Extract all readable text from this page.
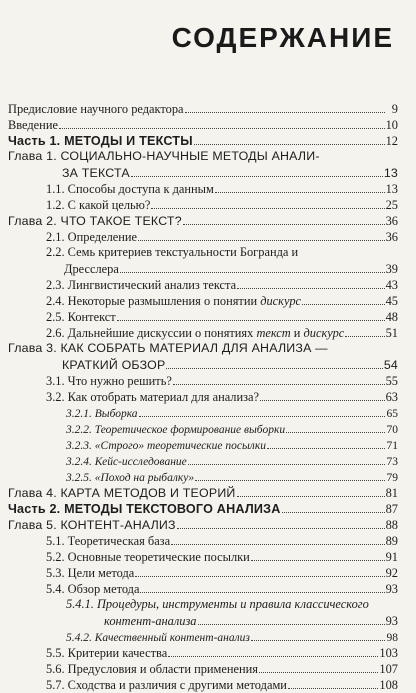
СОДЕРЖАНИЕ
Предисловие научного редактора	9
Введение	10
Часть 1. МЕТОДЫ И ТЕКСТЫ	12
Глава 1. СОЦИАЛЬНО-НАУЧНЫЕ МЕТОДЫ АНАЛИ-
ЗА ТЕКСТА	13
1.1. Способы доступа к данным	13
1.2. С какой целью?	25
Глава 2. ЧТО ТАКОЕ ТЕКСТ?	36
2.1. Определение	36
2.2. Семь критериев текстуальности Богранда и
Дресслера	39
2.3. Лингвистический анализ текста	43
2.4. Некоторые размышления о понятии дискурс	45
2.5. Контекст	48
2.6. Дальнейшие дискуссии о понятиях текст и дискурс	51
Глава 3. КАК СОБРАТЬ МАТЕРИАЛ ДЛЯ АНАЛИЗА —
КРАТКИЙ ОБЗОР	54
3.1. Что нужно решить?	55
3.2. Как отобрать материал для анализа?	63
3.2.1. Выборка	65
3.2.2. Теоретическое формирование выборки	70
3.2.3. «Строго» теоретические посылки	71
3.2.4. Кейс-исследование	73
3.2.5. «Поход на рыбалку»	79
Глава 4. КАРТА МЕТОДОВ И ТЕОРИЙ	81
Часть 2. МЕТОДЫ ТЕКСТОВОГО АНАЛИЗА	87
Глава 5. КОНТЕНТ-АНАЛИЗ	88
5.1. Теоретическая база	89
5.2. Основные теоретические посылки	91
5.3. Цели метода	92
5.4. Обзор метода	93
5.4.1. Процедуры, инструменты и правила классического
контент-анализа	93
5.4.2. Качественный контент-анализ	98
5.5. Критерии качества	103
5.6. Предусловия и области применения	107
5.7. Сходства и различия с другими методами	108
